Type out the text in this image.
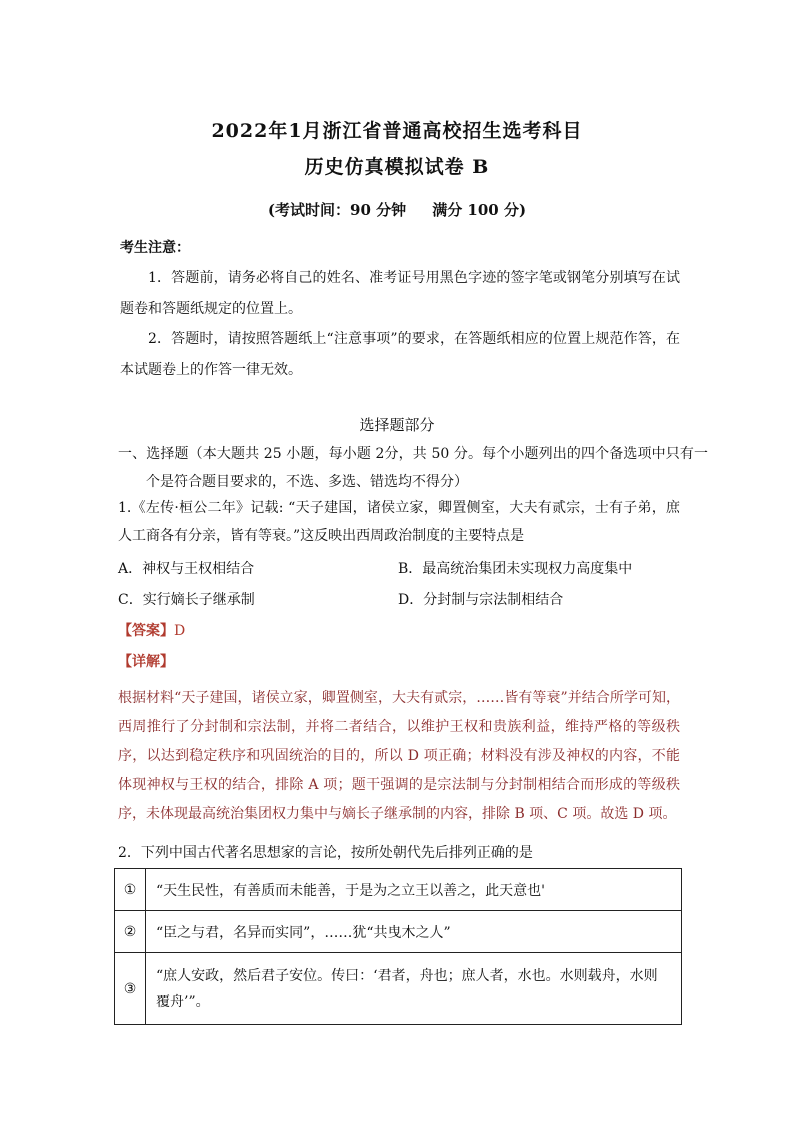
2022年1月浙江省普通高校招生选考科目
历史仿真模拟试卷 B
(考试时间：90 分钟     满分 100 分)
考生注意：
1．答题前，请务必将自己的姓名、准考证号用黑色字迹的签字笔或钢笔分别填写在试题卷和答题纸规定的位置上。
2．答题时，请按照答题纸上“注意事项”的要求，在答题纸相应的位置上规范作答，在本试题卷上的作答一律无效。
选择题部分
一、选择题（本大题共 25 小题，每小题 2分，共 50 分。每个小题列出的四个备选项中只有一个是符合题目要求的，不选、多选、错选均不得分）
1.《左传·桓公二年》记载: “天子建国，诸侯立家，卿置侧室，大夫有贰宗，士有子弟，庶人工商各有分亲，皆有等衰。”这反映出西周政治制度的主要特点是
A．神权与王权相结合	B．最高统治集团未实现权力高度集中
C．实行嫡长子继承制	D．分封制与宗法制相结合
【答案】D
【详解】
根据材料“天子建国，诸侯立家，卿置侧室，大夫有贰宗，……皆有等衰”并结合所学可知，西周推行了分封制和宗法制，并将二者结合，以维护王权和贵族利益，维持严格的等级秩序，以达到稳定秩序和巩固统治的目的，所以 D 项正确；材料没有涉及神权的内容，不能体现神权与王权的结合，排除 A 项；题干强调的是宗法制与分封制相结合而形成的等级秩序，未体现最高统治集团权力集中与嫡长子继承制的内容，排除 B 项、C 项。故选 D 项。
2．下列中国古代著名思想家的言论，按所处朝代先后排列正确的是
①	“天生民性，有善质而未能善，于是为之立王以善之，此天意也'
②	“臣之与君，名异而实同”，……犹“共曳木之人”
③	“庶人安政，然后君子安位。传曰：‘君者，舟也；庶人者，水也。水则载舟，水则覆舟’”。
